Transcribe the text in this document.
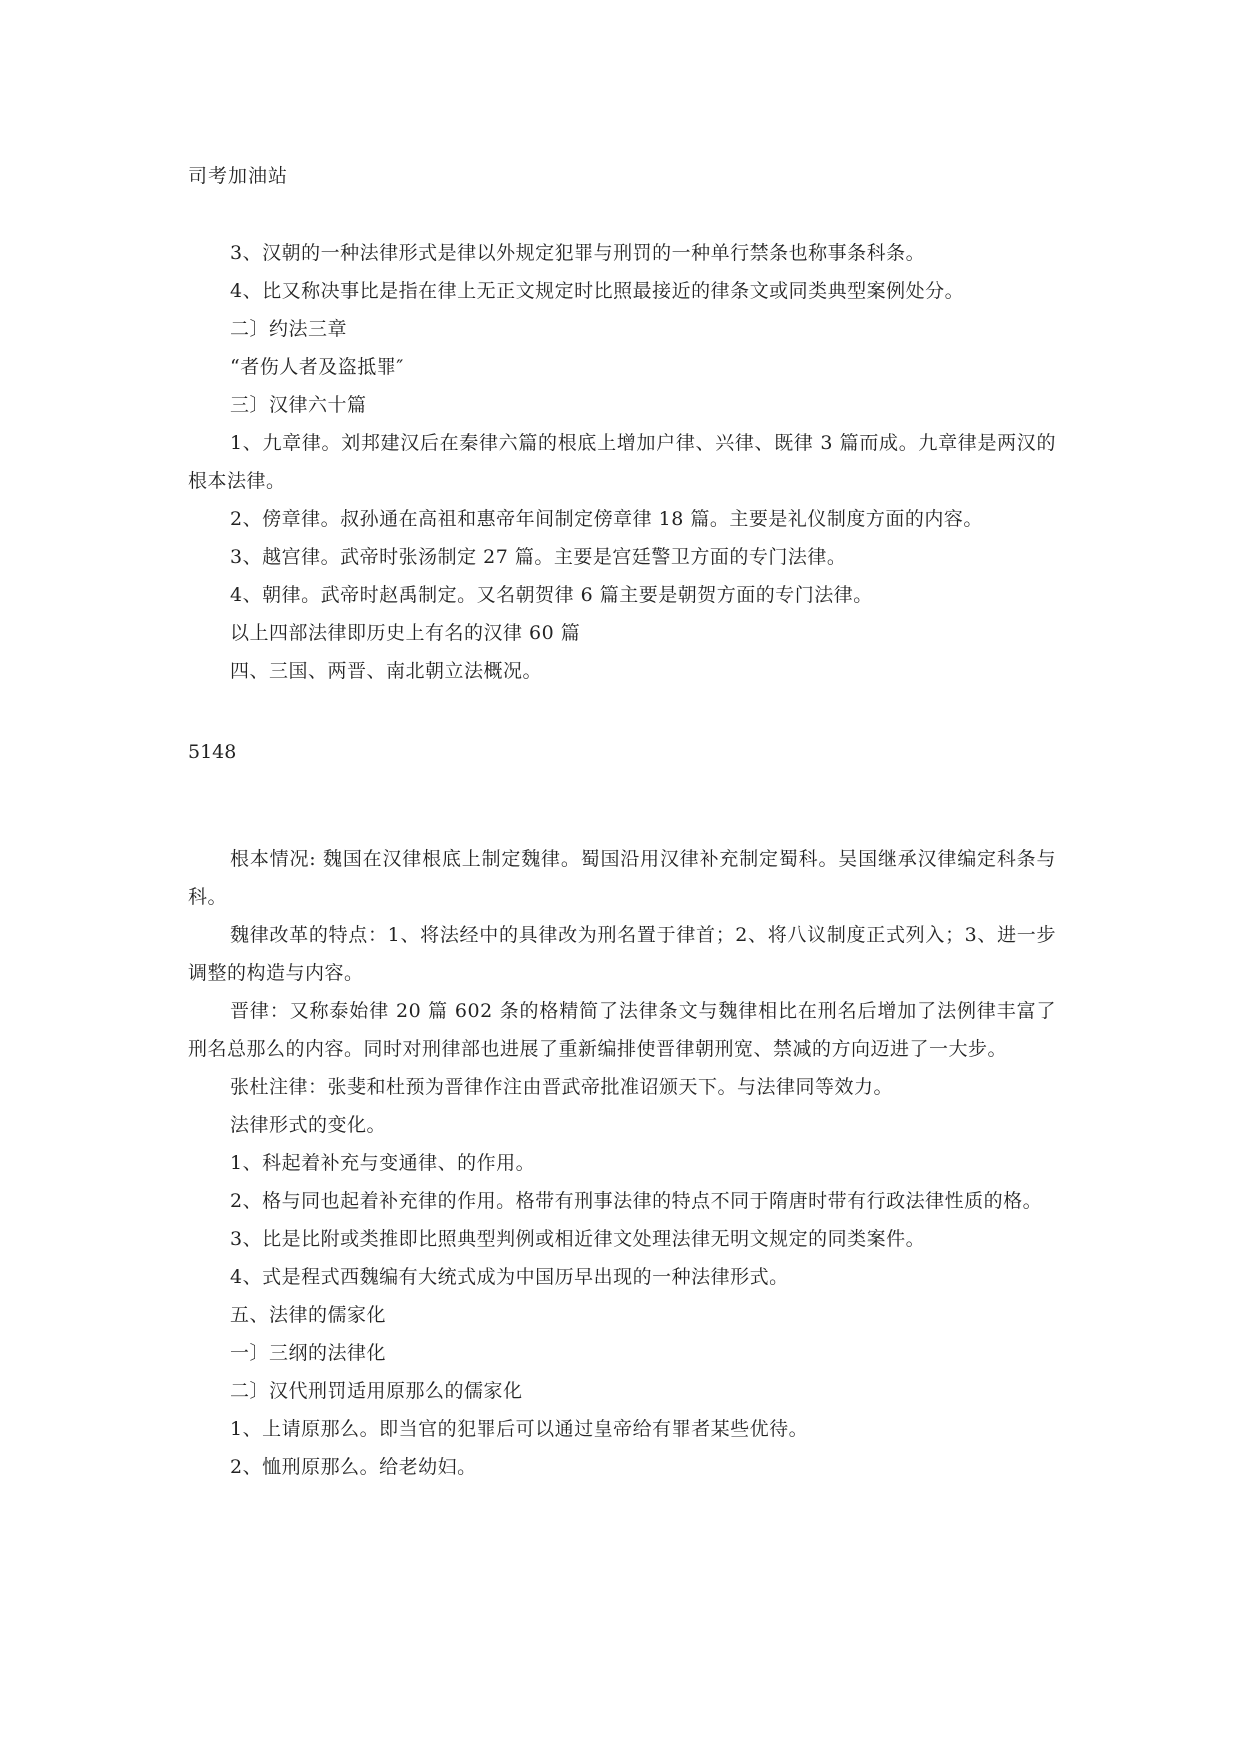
司考加油站

3、汉朝的一种法律形式是律以外规定犯罪与刑罚的一种单行禁条也称事条科条。

4、比又称决事比是指在律上无正文规定时比照最接近的律条文或同类典型案例处分。

二〕约法三章

“者伤人者及盗抵罪″

三〕汉律六十篇

1、九章律。刘邦建汉后在秦律六篇的根底上增加户律、兴律、既律 3 篇而成。九章律是两汉的根本法律。

2、傍章律。叔孙通在高祖和惠帝年间制定傍章律 18 篇。主要是礼仪制度方面的内容。

3、越宫律。武帝时张汤制定 27 篇。主要是宫廷警卫方面的专门法律。

4、朝律。武帝时赵禹制定。又名朝贺律 6 篇主要是朝贺方面的专门法律。

以上四部法律即历史上有名的汉律 60 篇

四、三国、两晋、南北朝立法概况。

5148

根本情况: 魏国在汉律根底上制定魏律。蜀国沿用汉律补充制定蜀科。吴国继承汉律编定科条与科。

魏律改革的特点：1、将法经中的具律改为刑名置于律首；2、将八议制度正式列入；3、进一步调整的构造与内容。

晋律：又称泰始律 20 篇 602 条的格精简了法律条文与魏律相比在刑名后增加了法例律丰富了刑名总那么的内容。同时对刑律部也进展了重新编排使晋律朝刑宽、禁减的方向迈进了一大步。

张杜注律：张斐和杜预为晋律作注由晋武帝批准诏颁天下。与法律同等效力。

法律形式的变化。

1、科起着补充与变通律、的作用。

2、格与同也起着补充律的作用。格带有刑事法律的特点不同于隋唐时带有行政法律性质的格。

3、比是比附或类推即比照典型判例或相近律文处理法律无明文规定的同类案件。

4、式是程式西魏编有大统式成为中国历早出现的一种法律形式。

五、法律的儒家化

一〕三纲的法律化

二〕汉代刑罚适用原那么的儒家化

1、上请原那么。即当官的犯罪后可以通过皇帝给有罪者某些优待。

2、恤刑原那么。给老幼妇。
